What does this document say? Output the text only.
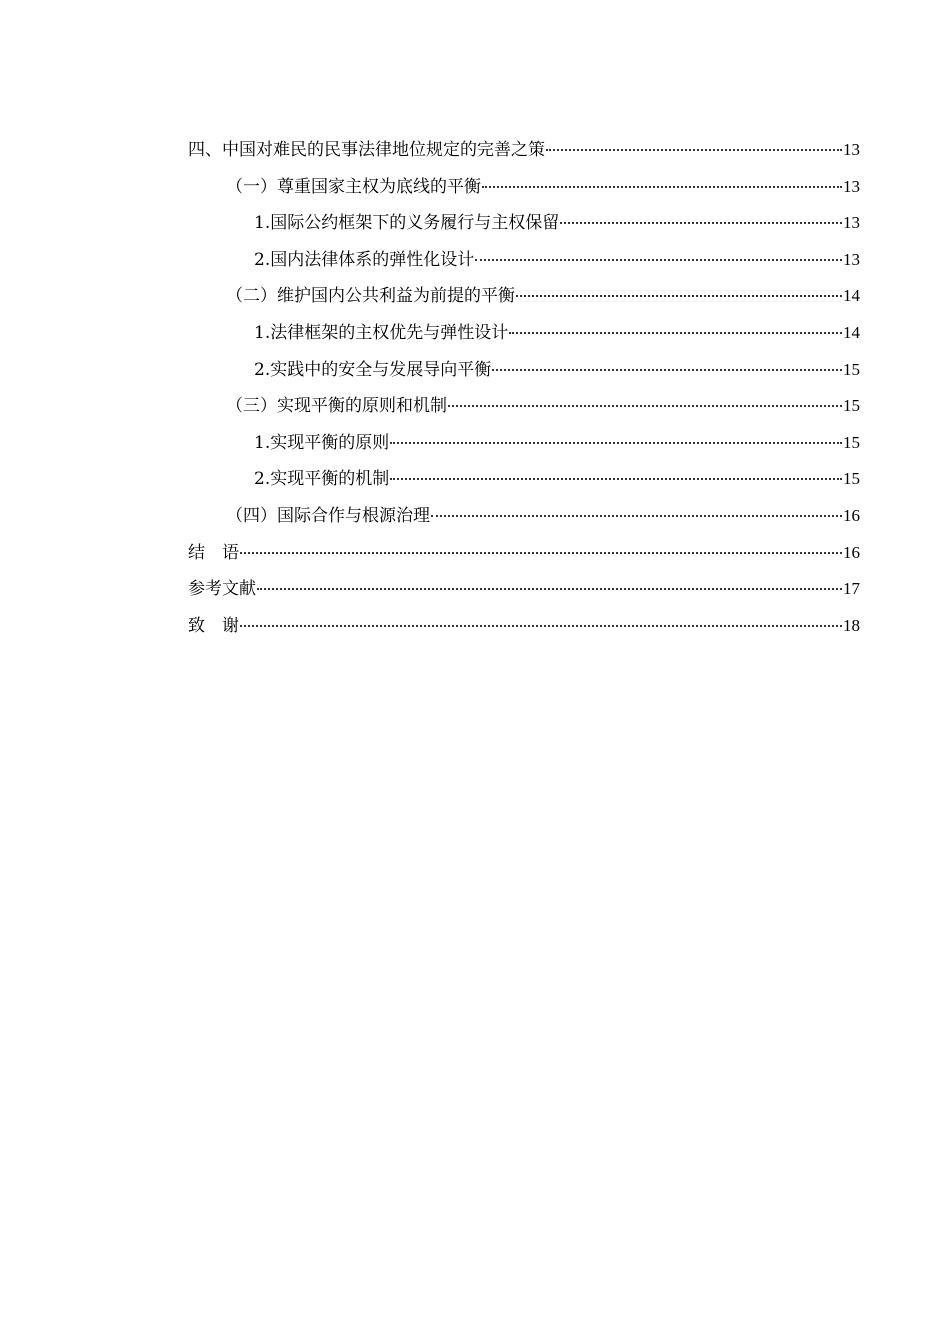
四、中国对难民的民事法律地位规定的完善之策	13
（一）尊重国家主权为底线的平衡	13
1.国际公约框架下的义务履行与主权保留	13
2.国内法律体系的弹性化设计	13
（二）维护国内公共利益为前提的平衡	14
1.法律框架的主权优先与弹性设计	14
2.实践中的安全与发展导向平衡	15
（三）实现平衡的原则和机制	15
1.实现平衡的原则	15
2.实现平衡的机制	15
（四）国际合作与根源治理	16
结　语	16
参考文献	17
致　谢	18
